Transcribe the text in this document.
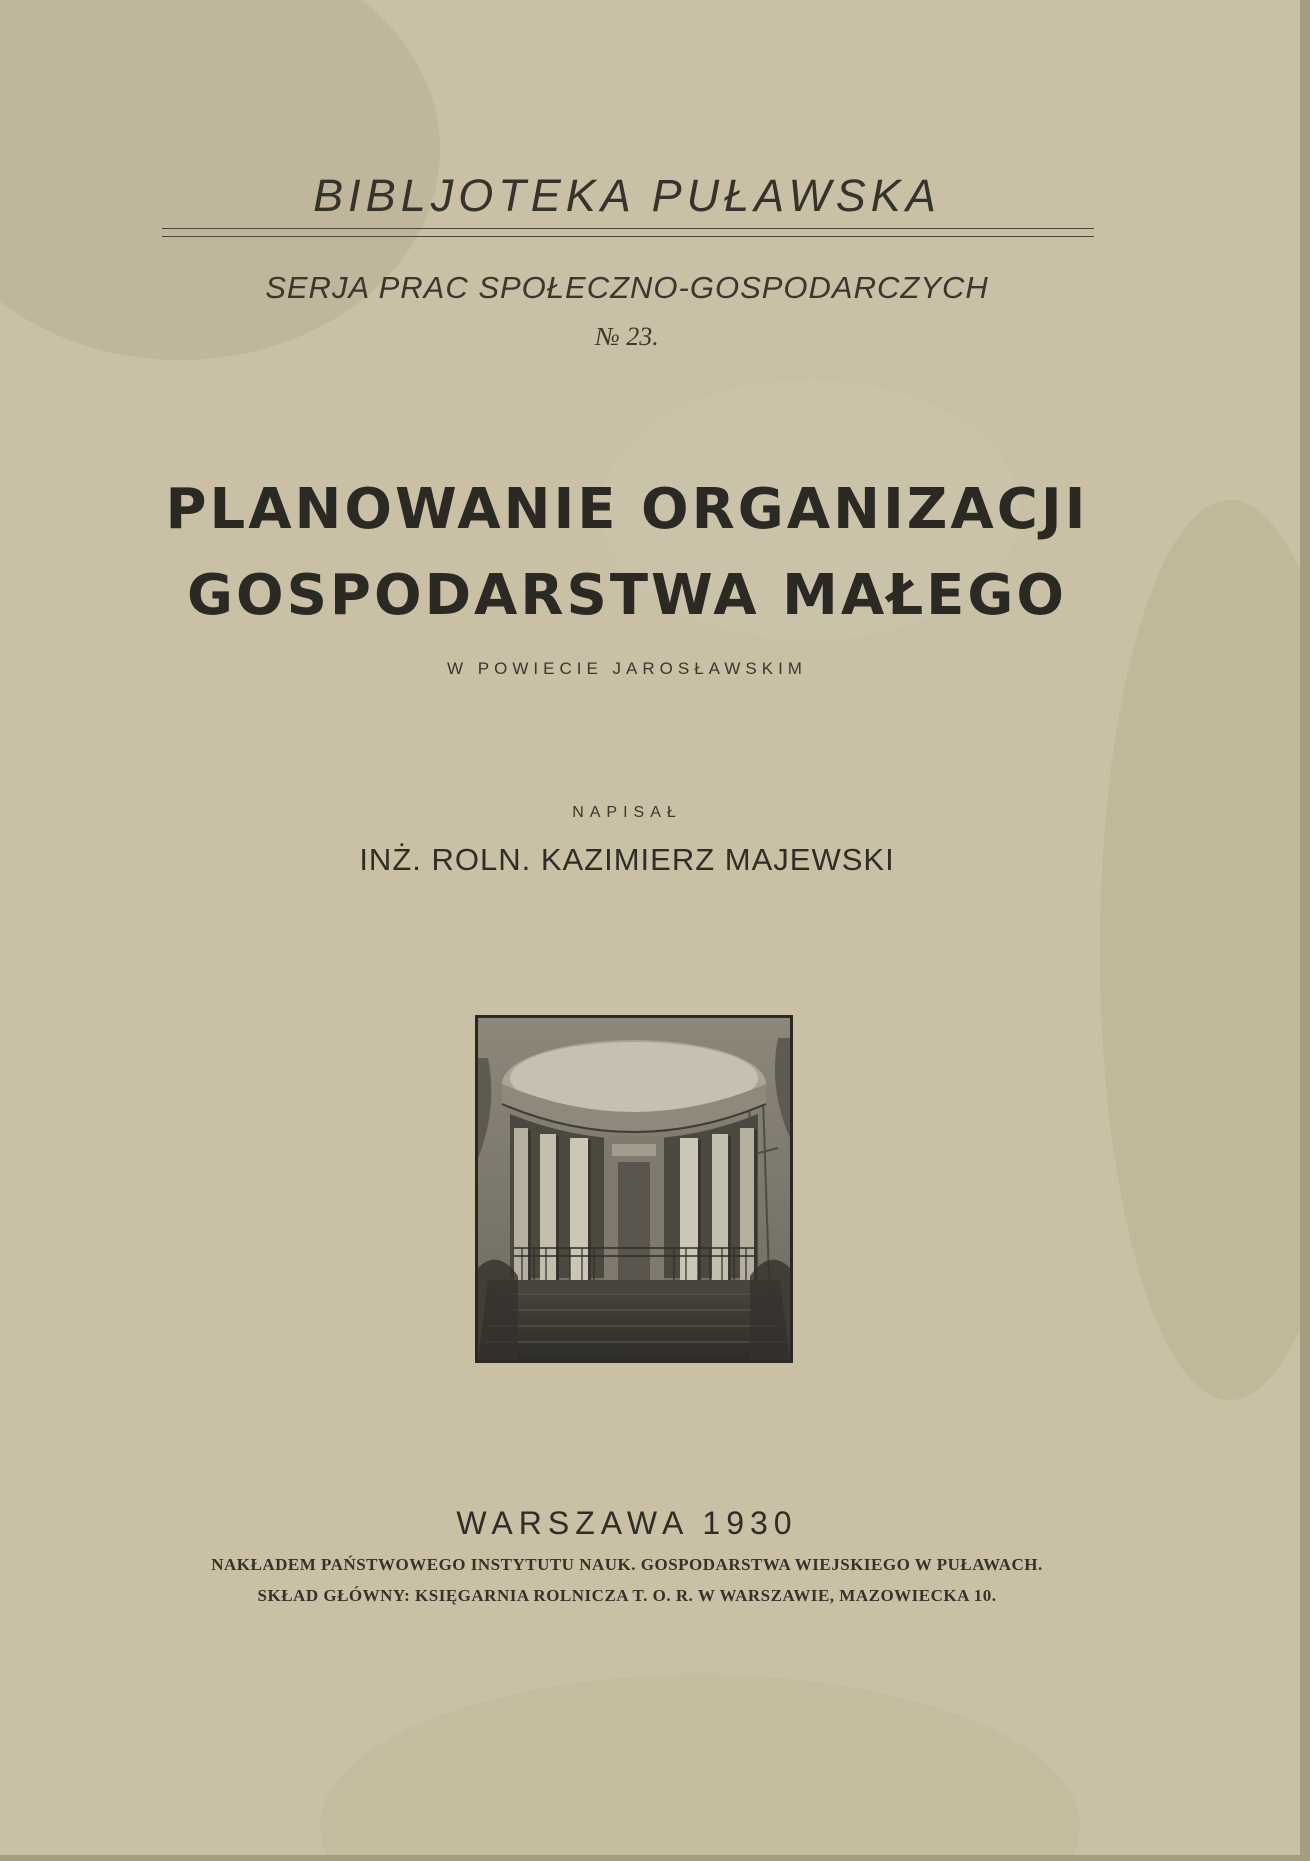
BIBLJOTEKA PUŁAWSKA
SERJA PRAC SPOŁECZNO-GOSPODARCZYCH
№ 23.
PLANOWANIE ORGANIZACJI
GOSPODARSTWA MAŁEGO
W POWIECIE JAROSŁAWSKIM
NAPISAŁ
INŻ. ROLN. KAZIMIERZ MAJEWSKI
WARSZAWA 1930
NAKŁADEM PAŃSTWOWEGO INSTYTUTU NAUK. GOSPODARSTWA WIEJSKIEGO W PUŁAWACH.
SKŁAD GŁÓWNY: KSIĘGARNIA ROLNICZA T. O. R. W WARSZAWIE, MAZOWIECKA 10.
